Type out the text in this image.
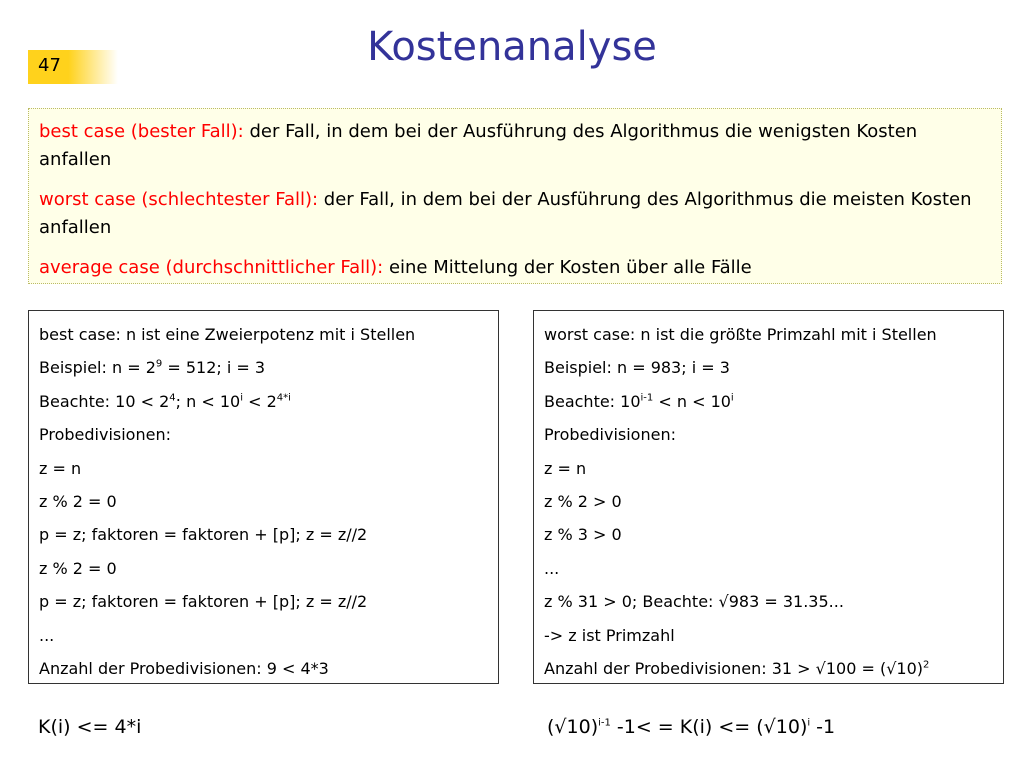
47	Kostenanalyse

best case (bester Fall): der Fall, in dem bei der Ausführung des Algorithmus die wenigsten Kosten anfallen

worst case (schlechtester Fall): der Fall, in dem bei der Ausführung des Algorithmus die meisten Kosten anfallen

average case (durchschnittlicher Fall): eine Mittelung der Kosten über alle Fälle

best case: n ist eine Zweierpotenz mit i Stellen
Beispiel: $n = 2^9 = 512$; i = 3
Beachte: $10 < 2^4$; $n < 10^i < 2^{4*i}$
Probedivisionen:
z = n
z % 2 = 0
p = z; faktoren = faktoren + [p]; z = z//2
z % 2 = 0
p = z; faktoren = faktoren + [p]; z = z//2
...
Anzahl der Probedivisionen: 9 < 4*3
worst case: n ist die größte Primzahl mit i Stellen
Beispiel: n = 983; i = 3
Beachte: $10^{i-1} < n < 10^i$
Probedivisionen:
z = n
z % 2 > 0
z % 3 > 0
...
z % 31 > 0; Beachte: √983 = 31.35...
-> z ist Primzahl
Anzahl der Probedivisionen: $31 > √100 = (√10)^2$
K(i) <= 4*i	$(√10)^{i-1}$ $-1< = K(i) <= (√10)^i$ -1
